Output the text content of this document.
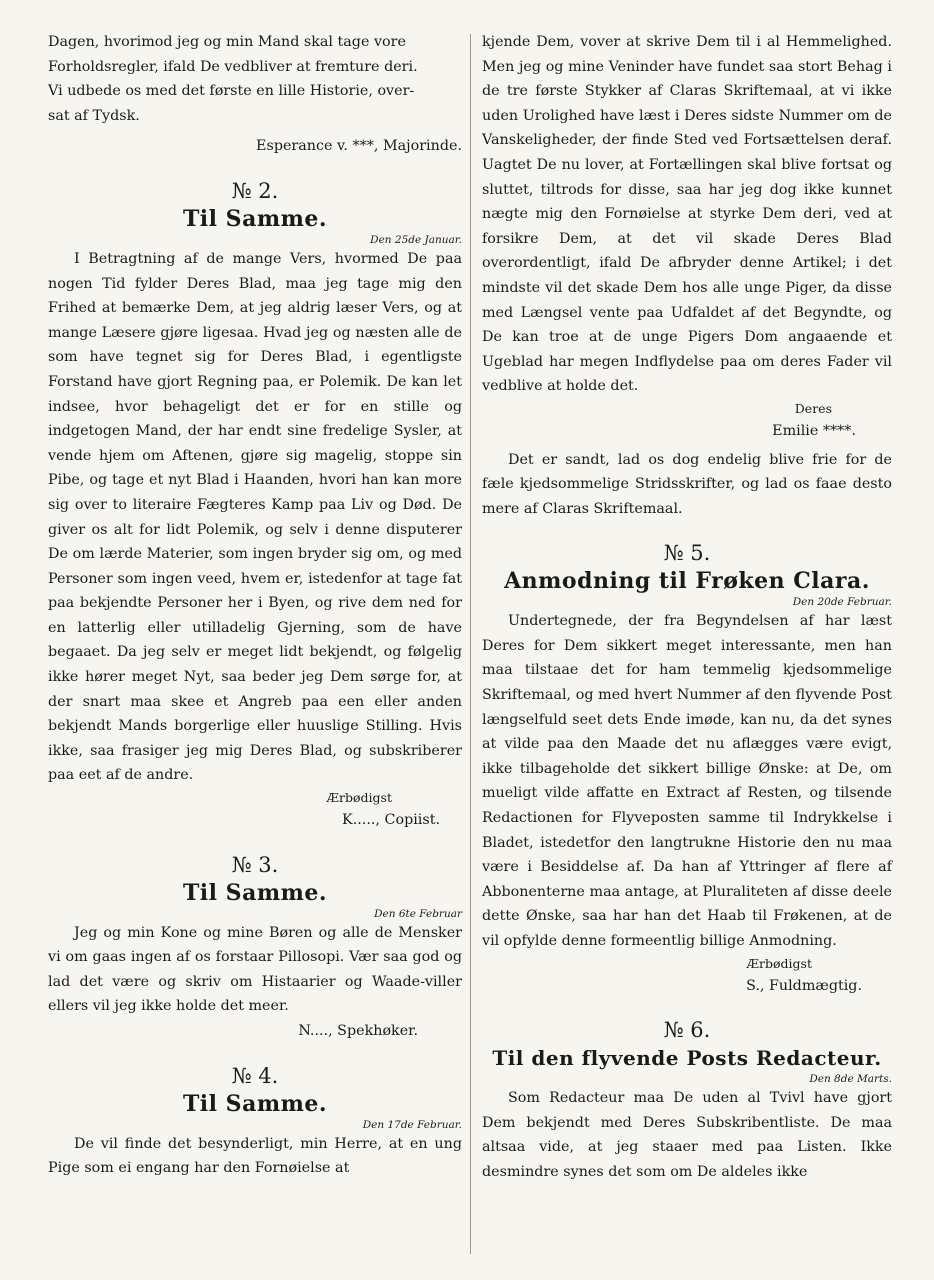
Dagen, hvorimod jeg og min Mand skal tage vore

Forholdsregler, ifald De vedbliver at fremture deri.

Vi udbede os med det første en lille Historie, over-

sat af Tydsk.

Esperance v. ***, Majorinde.

№ 2.
Til Samme.
Den 25de Januar.

I Betragtning af de mange Vers, hvormed De paa nogen Tid fylder Deres Blad, maa jeg tage mig den Frihed at bemærke Dem, at jeg aldrig læser Vers, og at mange Læsere gjøre ligesaa. Hvad jeg og næsten alle de som have tegnet sig for Deres Blad, i egentligste Forstand have gjort Regning paa, er Polemik. De kan let indsee, hvor behageligt det er for en stille og indgetogen Mand, der har endt sine fredelige Sysler, at vende hjem om Aftenen, gjøre sig magelig, stoppe sin Pibe, og tage et nyt Blad i Haanden, hvori han kan more sig over to literaire Fægteres Kamp paa Liv og Død. De giver os alt for lidt Polemik, og selv i denne disputerer De om lærde Materier, som ingen bryder sig om, og med Personer som ingen veed, hvem er, istedenfor at tage fat paa bekjendte Personer her i Byen, og rive dem ned for en latterlig eller utilladelig Gjerning, som de have begaaet. Da jeg selv er meget lidt bekjendt, og følgelig ikke hører meget Nyt, saa beder jeg Dem sørge for, at der snart maa skee et Angreb paa een eller anden bekjendt Mands borgerlige eller huuslige Stilling. Hvis ikke, saa frasiger jeg mig Deres Blad, og subskriberer paa eet af de andre.

Ærbødigst

K....., Copiist.

№ 3.
Til Samme.
Den 6te Februar

Jeg og min Kone og mine Børen og alle de Mensker vi om gaas ingen af os forstaar Pillosopi. Vær saa god og lad det være og skriv om Histaarier og Waade-viller ellers vil jeg ikke holde det meer.

N...., Spekhøker.

№ 4.
Til Samme.
Den 17de Februar.

De vil finde det besynderligt, min Herre, at en ung Pige som ei engang har den Fornøielse at

kjende Dem, vover at skrive Dem til i al Hemmelighed. Men jeg og mine Veninder have fundet saa stort Behag i de tre første Stykker af Claras Skriftemaal, at vi ikke uden Urolighed have læst i Deres sidste Nummer om de Vanskeligheder, der finde Sted ved Fortsættelsen deraf. Uagtet De nu lover, at Fortællingen skal blive fortsat og sluttet, tiltrods for disse, saa har jeg dog ikke kunnet nægte mig den Fornøielse at styrke Dem deri, ved at forsikre Dem, at det vil skade Deres Blad overordentligt, ifald De afbryder denne Artikel; i det mindste vil det skade Dem hos alle unge Piger, da disse med Længsel vente paa Udfaldet af det Begyndte, og De kan troe at de unge Pigers Dom angaaende et Ugeblad har megen Indflydelse paa om deres Fader vil vedblive at holde det.

Deres

Emilie ****.

Det er sandt, lad os dog endelig blive frie for de fæle kjedsommelige Stridsskrifter, og lad os faae desto mere af Claras Skriftemaal.

№ 5.
Anmodning til Frøken Clara.
Den 20de Februar.

Undertegnede, der fra Begyndelsen af har læst Deres for Dem sikkert meget interessante, men han maa tilstaae det for ham temmelig kjedsommelige Skriftemaal, og med hvert Nummer af den flyvende Post længselfuld seet dets Ende imøde, kan nu, da det synes at vilde paa den Maade det nu aflægges være evigt, ikke tilbageholde det sikkert billige Ønske: at De, om mueligt vilde affatte en Extract af Resten, og tilsende Redactionen for Flyveposten samme til Indrykkelse i Bladet, istedetfor den langtrukne Historie den nu maa være i Besiddelse af. Da han af Yttringer af flere af Abbonenterne maa antage, at Pluraliteten af disse deele dette Ønske, saa har han det Haab til Frøkenen, at de vil opfylde denne formeentlig billige Anmodning.

Ærbødigst

S., Fuldmægtig.

№ 6.
Til den flyvende Posts Redacteur.
Den 8de Marts.

Som Redacteur maa De uden al Tvivl have gjort Dem bekjendt med Deres Subskribentliste. De maa altsaa vide, at jeg staaer med paa Listen. Ikke desmindre synes det som om De aldeles ikke
